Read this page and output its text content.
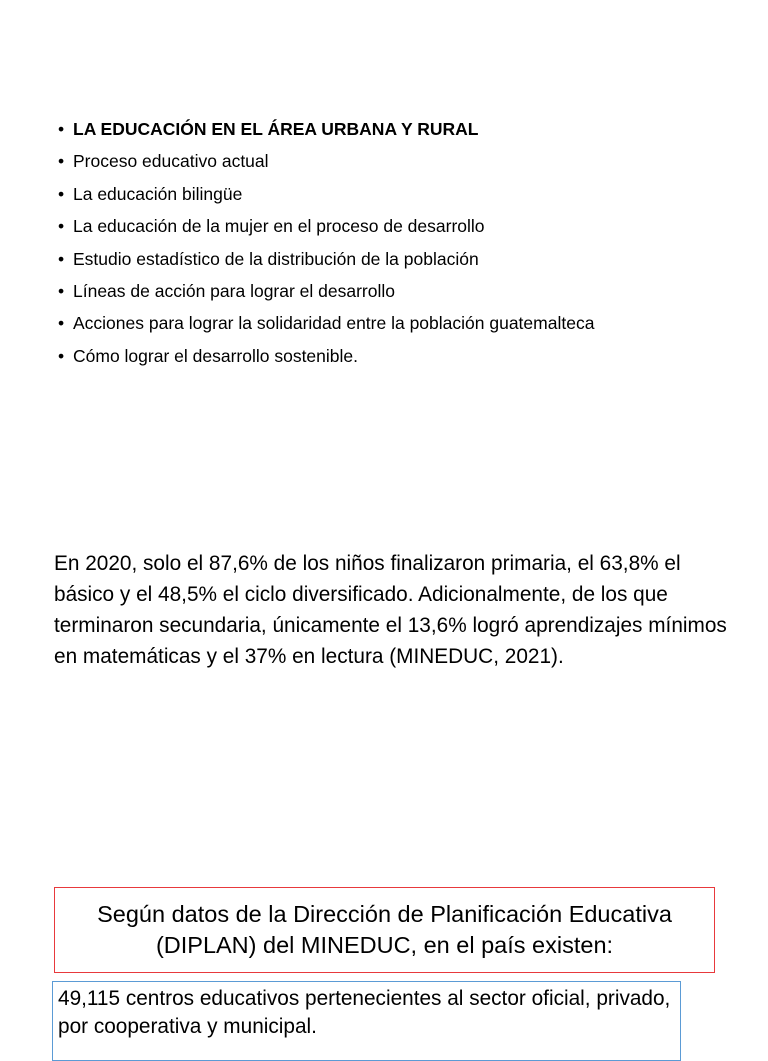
• LA EDUCACIÓN EN EL ÁREA URBANA Y RURAL
• Proceso educativo actual
• La educación bilingüe
• La educación de la mujer en el proceso de desarrollo
• Estudio estadístico de la distribución de la población
• Líneas de acción para lograr el desarrollo
• Acciones para lograr la solidaridad entre la población guatemalteca
• Cómo lograr el desarrollo sostenible.

En 2020, solo el 87,6% de los niños finalizaron primaria, el 63,8% el básico y el 48,5% el ciclo diversificado. Adicionalmente, de los que terminaron secundaria, únicamente el 13,6% logró aprendizajes mínimos en matemáticas y el 37% en lectura (MINEDUC, 2021).

Según datos de la Dirección de Planificación Educativa (DIPLAN) del MINEDUC, en el país existen:

49,115 centros educativos pertenecientes al sector oficial, privado, por cooperativa y municipal.
